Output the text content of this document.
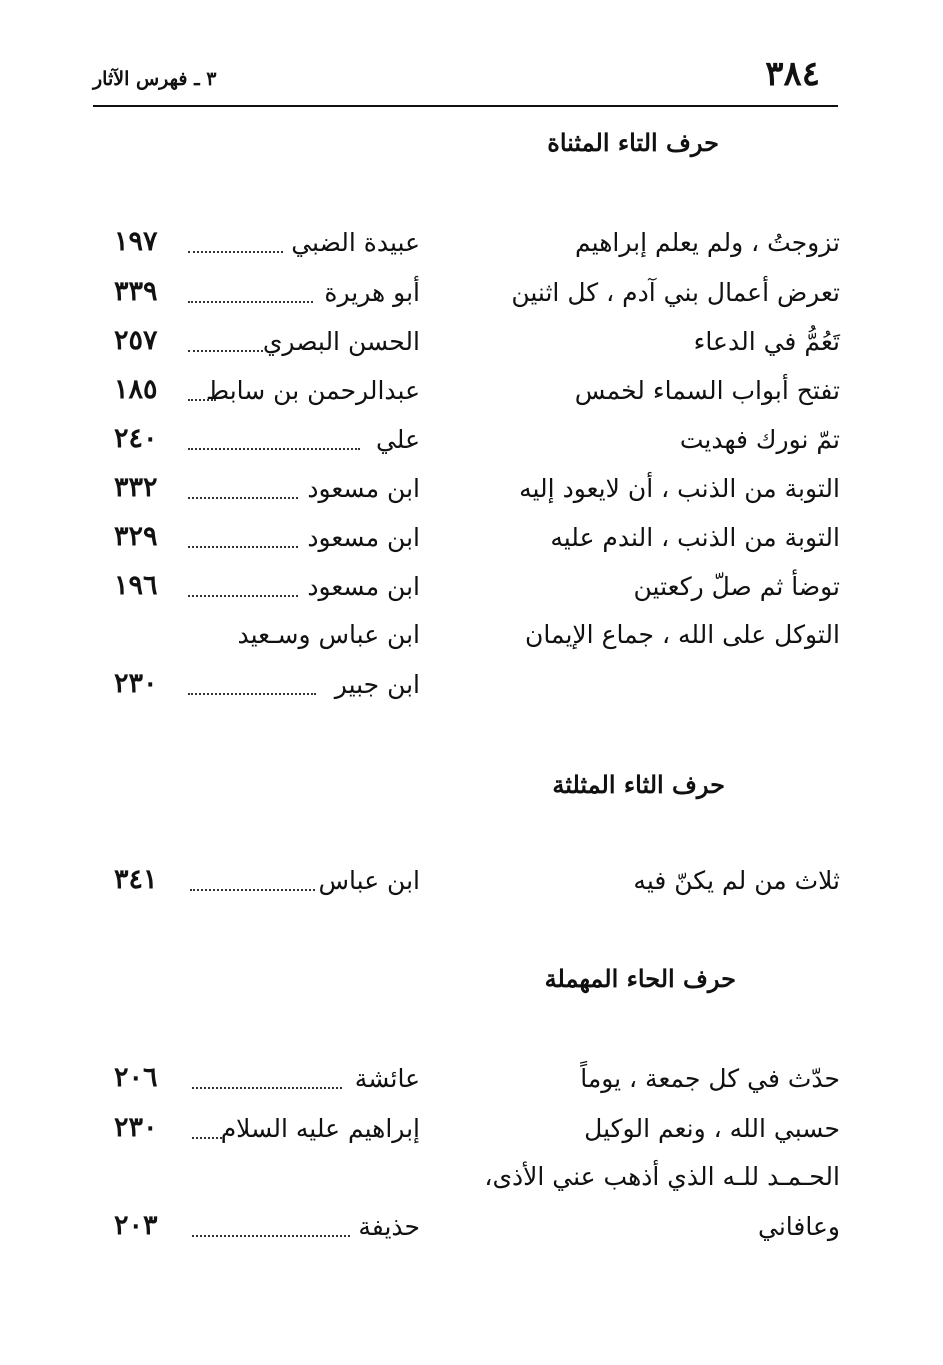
٣٨٤
٣ ـ فهرس الآثار
حرف التاء المثناة
تزوجتُ ، ولم يعلم إبراهيم
عبيدة الضبي
١٩٧
تعرض أعمال بني آدم ، كل اثنين
أبو هريرة
٣٣٩
تَعُمُّ في الدعاء
الحسن البصري
٢٥٧
تفتح أبواب السماء لخمس
عبدالرحمن بن سابط
١٨٥
تمّ نورك فهديت
علي
٢٤٠
التوبة من الذنب ، أن لايعود إليه
ابن مسعود
٣٣٢
التوبة من الذنب ، الندم عليه
ابن مسعود
٣٢٩
توضأ ثم صلّ ركعتين
ابن مسعود
١٩٦
التوكل على الله ، جماع الإيمان
ابن عباس وسـعيد
ابن جبير
٢٣٠
حرف الثاء المثلثة
ثلاث من لم يكنّ فيه
ابن عباس
٣٤١
حرف الحاء المهملة
حدّث في كل جمعة ، يوماً
عائشة
٢٠٦
حسبي الله ، ونعم الوكيل
إبراهيم عليه السلام
٢٣٠
الحـمـد للـه الذي أذهب عني الأذى،
وعافاني
حذيفة
٢٠٣
